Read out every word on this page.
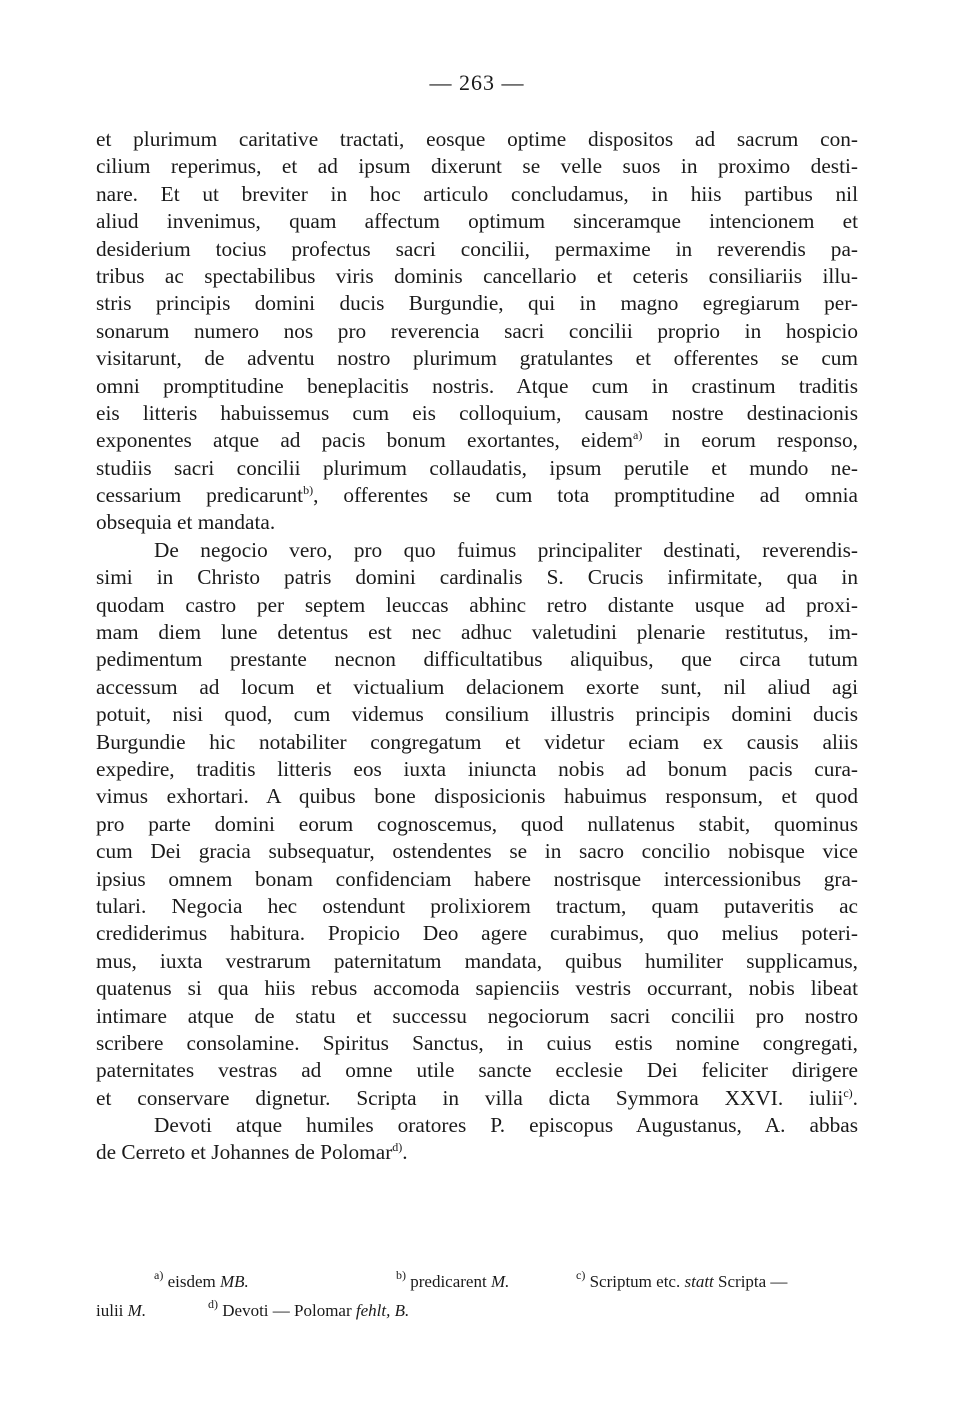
— 263 —
et plurimum caritative tractati, eosque optime dispositos ad sacrum con-
cilium reperimus, et ad ipsum dixerunt se velle suos in proximo desti-
nare. Et ut breviter in hoc articulo concludamus, in hiis partibus nil
aliud invenimus, quam affectum optimum sinceramque intencionem et
desiderium tocius profectus sacri concilii, permaxime in reverendis pa-
tribus ac spectabilibus viris dominis cancellario et ceteris consiliariis illu-
stris principis domini ducis Burgundie, qui in magno egregiarum per-
sonarum numero nos pro reverencia sacri concilii proprio in hospicio
visitarunt, de adventu nostro plurimum gratulantes et offerentes se cum
omni promptitudine beneplacitis nostris. Atque cum in crastinum traditis
eis litteris habuissemus cum eis colloquium, causam nostre destinacionis
exponentes atque ad pacis bonum exortantes, eidem$^{a)}$ in eorum responso,
studiis sacri concilii plurimum collaudatis, ipsum perutile et mundo ne-
cessarium predicarunt$^{b)}$, offerentes se cum tota promptitudine ad omnia
obsequia et mandata.
De negocio vero, pro quo fuimus principaliter destinati, reverendis-
simi in Christo patris domini cardinalis S. Crucis infirmitate, qua in
quodam castro per septem leuccas abhinc retro distante usque ad proxi-
mam diem lune detentus est nec adhuc valetudini plenarie restitutus, im-
pedimentum prestante necnon difficultatibus aliquibus, que circa tutum
accessum ad locum et victualium delacionem exorte sunt, nil aliud agi
potuit, nisi quod, cum videmus consilium illustris principis domini ducis
Burgundie hic notabiliter congregatum et videtur eciam ex causis aliis
expedire, traditis litteris eos iuxta iniuncta nobis ad bonum pacis cura-
vimus exhortari. A quibus bone disposicionis habuimus responsum, et quod
pro parte domini eorum cognoscemus, quod nullatenus stabit, quominus
cum Dei gracia subsequatur, ostendentes se in sacro concilio nobisque vice
ipsius omnem bonam confidenciam habere nostrisque intercessionibus gra-
tulari. Negocia hec ostendunt prolixiorem tractum, quam putaveritis ac
crediderimus habitura. Propicio Deo agere curabimus, quo melius poteri-
mus, iuxta vestrarum paternitatum mandata, quibus humiliter supplicamus,
quatenus si qua hiis rebus accomoda sapienciis vestris occurrant, nobis libeat
intimare atque de statu et successu negociorum sacri concilii pro nostro
scribere consolamine. Spiritus Sanctus, in cuius estis nomine congregati,
paternitates vestras ad omne utile sancte ecclesie Dei feliciter dirigere
et conservare dignetur. Scripta in villa dicta Symmora XXVI. iulii$^{c)}$.
Devoti atque humiles oratores P. episcopus Augustanus, A. abbas
de Cerreto et Johannes de Polomar$^{d)}$.
$^{a)}$ eisdem MB.	$^{b)}$ predicarent M.	$^{c)}$ Scriptum etc. statt Scripta —
iulii M.	$^{d)}$ Devoti — Polomar fehlt, B.
